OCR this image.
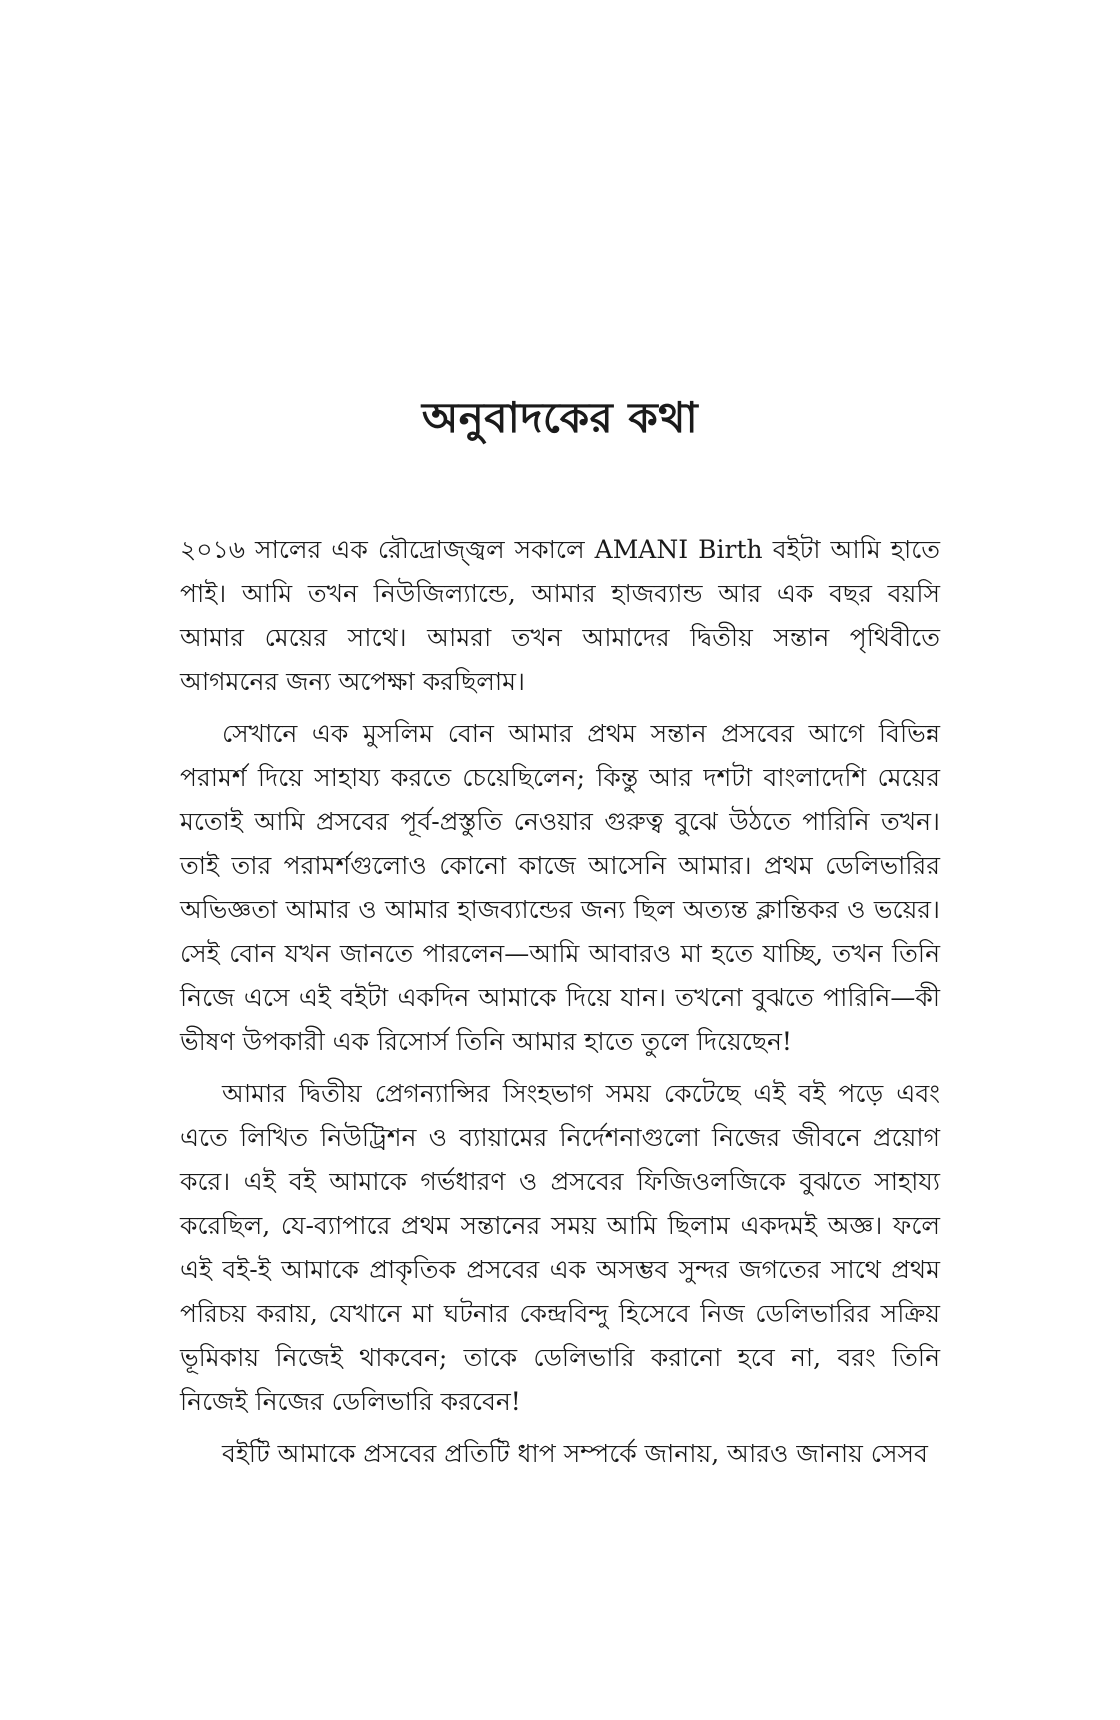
অনুবাদকের কথা

২০১৬ সালের এক রৌদ্রোজ্জ্বল সকালে AMANI Birth বইটা আমি হাতে পাই। আমি তখন নিউজিল্যান্ডে, আমার হাজব্যান্ড আর এক বছর বয়সি আমার মেয়ের সাথে। আমরা তখন আমাদের দ্বিতীয় সন্তান পৃথিবীতে আগমনের জন্য অপেক্ষা করছিলাম।

সেখানে এক মুসলিম বোন আমার প্রথম সন্তান প্রসবের আগে বিভিন্ন পরামর্শ দিয়ে সাহায্য করতে চেয়েছিলেন; কিন্তু আর দশটা বাংলাদেশি মেয়ের মতোই আমি প্রসবের পূর্ব-প্রস্তুতি নেওয়ার গুরুত্ব বুঝে উঠতে পারিনি তখন। তাই তার পরামর্শগুলোও কোনো কাজে আসেনি আমার। প্রথম ডেলিভারির অভিজ্ঞতা আমার ও আমার হাজব্যান্ডের জন্য ছিল অত্যন্ত ক্লান্তিকর ও ভয়ের। সেই বোন যখন জানতে পারলেন—আমি আবারও মা হতে যাচ্ছি, তখন তিনি নিজে এসে এই বইটা একদিন আমাকে দিয়ে যান। তখনো বুঝতে পারিনি—কী ভীষণ উপকারী এক রিসোর্স তিনি আমার হাতে তুলে দিয়েছেন!

আমার দ্বিতীয় প্রেগন্যান্সির সিংহভাগ সময় কেটেছে এই বই পড়ে এবং এতে লিখিত নিউট্রিশন ও ব্যায়ামের নির্দেশনাগুলো নিজের জীবনে প্রয়োগ করে। এই বই আমাকে গর্ভধারণ ও প্রসবের ফিজিওলজিকে বুঝতে সাহায্য করেছিল, যে-ব্যাপারে প্রথম সন্তানের সময় আমি ছিলাম একদমই অজ্ঞ। ফলে এই বই-ই আমাকে প্রাকৃতিক প্রসবের এক অসম্ভব সুন্দর জগতের সাথে প্রথম পরিচয় করায়, যেখানে মা ঘটনার কেন্দ্রবিন্দু হিসেবে নিজ ডেলিভারির সক্রিয় ভূমিকায় নিজেই থাকবেন; তাকে ডেলিভারি করানো হবে না, বরং তিনি নিজেই নিজের ডেলিভারি করবেন!

বইটি আমাকে প্রসবের প্রতিটি ধাপ সম্পর্কে জানায়, আরও জানায় সেসব
